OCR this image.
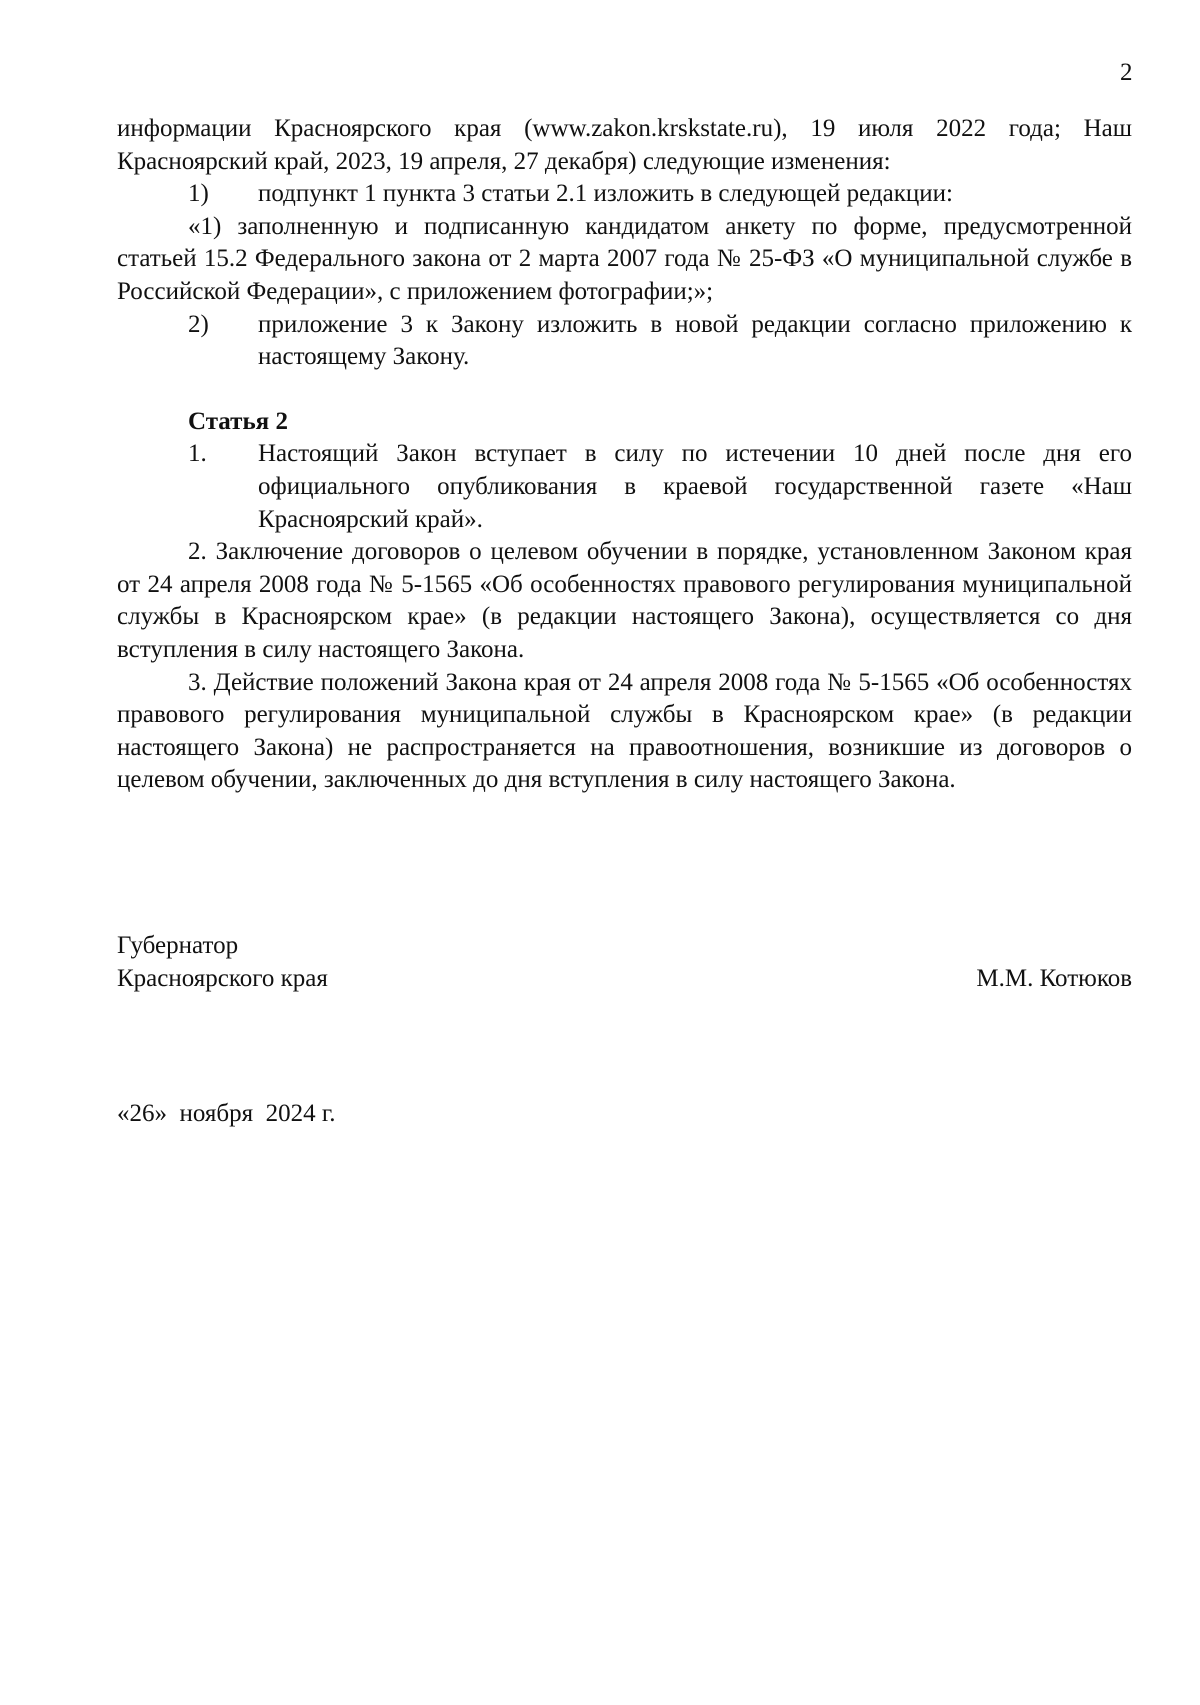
2

информации Красноярского края (www.zakon.krskstate.ru), 19 июля 2022 года; Наш Красноярский край, 2023, 19 апреля, 27 декабря) следующие изменения:

1)	подпункт 1 пункта 3 статьи 2.1 изложить в следующей редакции:

«1) заполненную и подписанную кандидатом анкету по форме, предусмотренной статьей 15.2 Федерального закона от 2 марта 2007 года № 25-ФЗ «О муниципальной службе в Российской Федерации», с приложением фотографии;»;

2)	приложение 3 к Закону изложить в новой редакции согласно приложению к настоящему Закону.

Статья 2

1.	Настоящий Закон вступает в силу по истечении 10 дней после дня его официального опубликования в краевой государственной газете «Наш Красноярский край».

2. Заключение договоров о целевом обучении в порядке, установленном Законом края от 24 апреля 2008 года № 5-1565 «Об особенностях правового регулирования муниципальной службы в Красноярском крае» (в редакции настоящего Закона), осуществляется со дня вступления в силу настоящего Закона.

3. Действие положений Закона края от 24 апреля 2008 года № 5-1565 «Об особенностях правового регулирования муниципальной службы в Красноярском крае» (в редакции настоящего Закона) не распространяется на правоотношения, возникшие из договоров о целевом обучении, заключенных до дня вступления в силу настоящего Закона.

Губернатор
Красноярского края	М.М. Котюков
«26»  ноября  2024 г.
